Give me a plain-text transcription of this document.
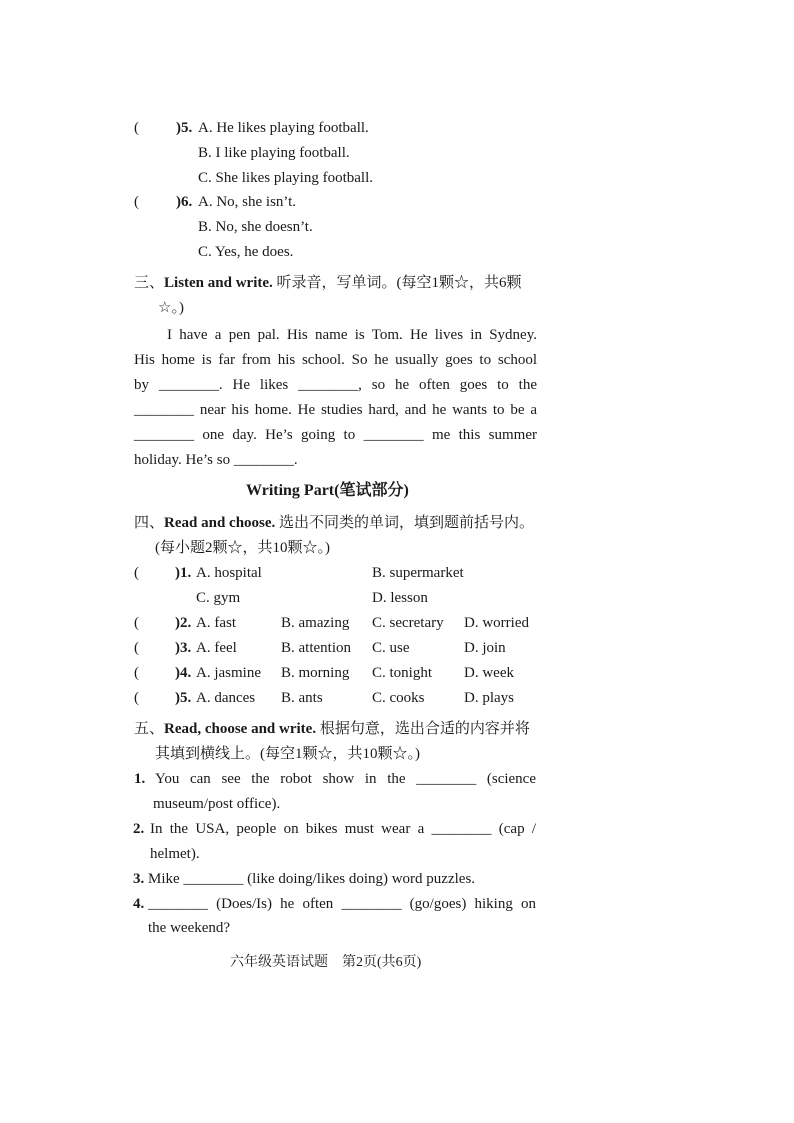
( ) 5. A. He likes playing football.
B. I like playing football.
C. She likes playing football.
( ) 6. A. No, she isn’t.
B. No, she doesn’t.
C. Yes, he does.
三、Listen and write. 听录音，写单词。(每空1颗☆，共6颗
☆。)
I have a pen pal. His name is Tom. He lives in Sydney.
His home is far from his school. So he usually goes to school
by ________. He likes ________, so he often goes to the
________ near his home. He studies hard, and he wants to be a
________ one day. He’s going to ________ me this summer
holiday. He’s so ________.
Writing Part(笔试部分)
四、Read and choose. 选出不同类的单词，填到题前括号内。
(每小题2颗☆，共10颗☆。)
( ) 1. A. hospital	B. supermarket
C. gym	D. lesson
( ) 2. A. fast	B. amazing C. secretary D. worried
( ) 3. A. feel	B. attention C. use	D. join
( ) 4. A. jasmine B. morning C. tonight D. week
( ) 5. A. dances B. ants	C. cooks	D. plays
五、Read, choose and write. 根据句意，选出合适的内容并将
其填到横线上。(每空1颗☆，共10颗☆。)
1. You can see the robot show in the ________ (science
museum/post office).
2. In the USA, people on bikes must wear a ________ (cap /
helmet).
3. Mike ________ (like doing/likes doing) word puzzles.
4. ________ (Does/Is) he often ________ (go/goes) hiking on
the weekend?
六年级英语试题　第2页(共6页)
